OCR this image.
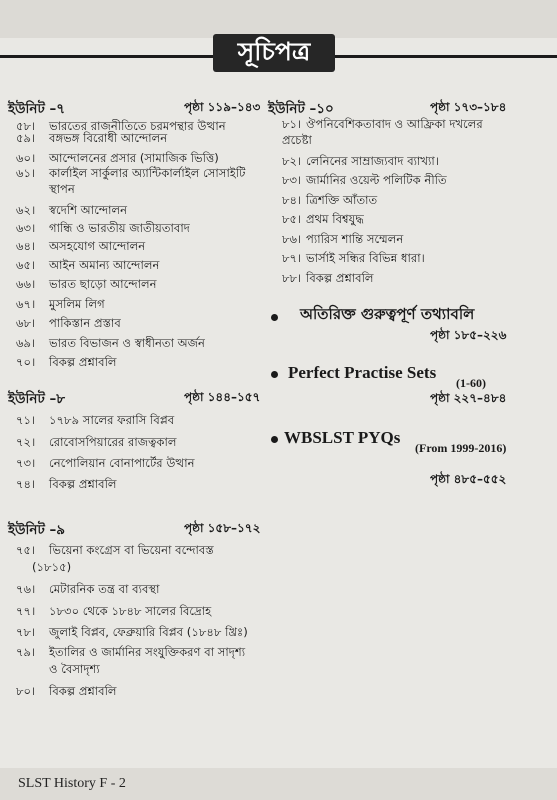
সূচিপত্র
ইউনিট –৭	পৃষ্ঠা ১১৯–১৪৩
৫৮।	ভারতের রাজনীতিতে চরমপন্থার উত্থান
৫৯।	বঙ্গভঙ্গ বিরোধী আন্দোলন
৬০।	আন্দোলনের প্রসার (সামাজিক ভিত্তি)
৬১।	কার্লাইল সার্কুলার অ্যান্টিকার্লাইল সোসাইটি
স্থাপন
৬২।	স্বদেশি আন্দোলন
৬৩।	গান্ধি ও ভারতীয় জাতীয়তাবাদ
৬৪।	অসহযোগ আন্দোলন
৬৫।	আইন অমান্য আন্দোলন
৬৬।	ভারত ছাড়ো আন্দোলন
৬৭।	মুসলিম লিগ
৬৮।	পাকিস্তান প্রস্তাব
৬৯।	ভারত বিভাজন ও স্বাধীনতা অর্জন
৭০।	বিকল্প প্রশ্নাবলি
ইউনিট –৮	পৃষ্ঠা ১৪৪–১৫৭
৭১।	১৭৮৯ সালের ফরাসি বিপ্লব
৭২।	রোবোসপিয়ারের রাজত্বকাল
৭৩।	নেপোলিয়ান বোনাপার্টের উত্থান
৭৪।	বিকল্প প্রশ্নাবলি
ইউনিট –৯	পৃষ্ঠা ১৫৮–১৭২
৭৫।	ভিয়েনা কংগ্রেস বা ভিয়েনা বন্দোবস্ত
(১৮১৫)
৭৬।	মেটারনিক তন্ত্র বা ব্যবস্থা
৭৭।	১৮৩০ থেকে ১৮৪৮ সালের বিদ্রোহ
৭৮।	জুলাই বিপ্লব, ফেব্রুয়ারি বিপ্লব (১৮৪৮ খ্রিঃ)
৭৯।	ইতালির ও জার্মানির সংযুক্তিকরণ বা সাদৃশ্য
ও বৈসাদৃশ্য
৮০।	বিকল্প প্রশ্নাবলি
ইউনিট –১০	পৃষ্ঠা ১৭৩–১৮৪
৮১। ঔপনিবেশিকতাবাদ ও আফ্রিকা দখলের
প্রচেষ্টা
৮২। লেনিনের সাম্রাজ্যবাদ ব্যাখ্যা।
৮৩। জার্মানির ওয়েল্ট পলিটিক নীতি
৮৪। ত্রিশক্তি আঁতাত
৮৫। প্রথম বিশ্বযুদ্ধ
৮৬। প্যারিস শান্তি সম্মেলন
৮৭। ভার্সাই সন্ধির বিভিন্ন ধারা।
৮৮। বিকল্প প্রশ্নাবলি
অতিরিক্ত গুরুত্বপূর্ণ তথ্যাবলি
পৃষ্ঠা ১৮৫–২২৬
Perfect Practise Sets
(1-60)
পৃষ্ঠা ২২৭–৪৮৪
WBSLST PYQs
(From 1999-2016)
পৃষ্ঠা ৪৮৫–৫৫২
SLST History F - 2
